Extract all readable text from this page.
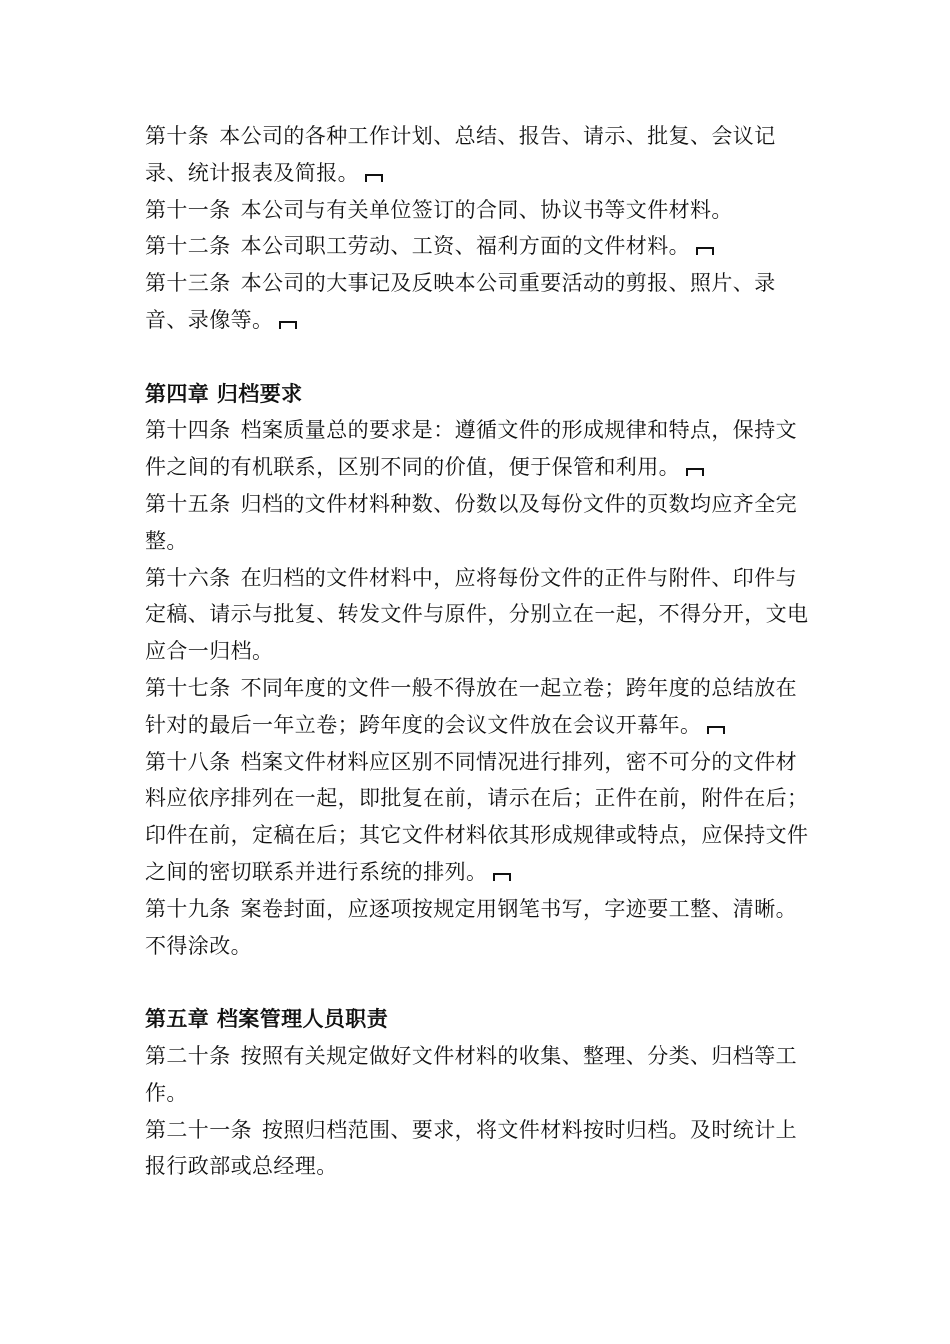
第十条 本公司的各种工作计划、总结、报告、请示、批复、会议记录、统计报表及简报。

第十一条 本公司与有关单位签订的合同、协议书等文件材料。

第十二条 本公司职工劳动、工资、福利方面的文件材料。

第十三条 本公司的大事记及反映本公司重要活动的剪报、照片、录音、录像等。

第四章 归档要求

第十四条 档案质量总的要求是：遵循文件的形成规律和特点，保持文件之间的有机联系，区别不同的价值，便于保管和利用。

第十五条 归档的文件材料种数、份数以及每份文件的页数均应齐全完整。

第十六条 在归档的文件材料中，应将每份文件的正件与附件、印件与定稿、请示与批复、转发文件与原件，分别立在一起，不得分开，文电应合一归档。

第十七条 不同年度的文件一般不得放在一起立卷；跨年度的总结放在针对的最后一年立卷；跨年度的会议文件放在会议开幕年。

第十八条 档案文件材料应区别不同情况进行排列，密不可分的文件材料应依序排列在一起，即批复在前，请示在后；正件在前，附件在后；印件在前，定稿在后；其它文件材料依其形成规律或特点，应保持文件之间的密切联系并进行系统的排列。

第十九条 案卷封面，应逐项按规定用钢笔书写，字迹要工整、清晰。不得涂改。

第五章 档案管理人员职责

第二十条 按照有关规定做好文件材料的收集、整理、分类、归档等工作。

第二十一条 按照归档范围、要求，将文件材料按时归档。及时统计上报行政部或总经理。
